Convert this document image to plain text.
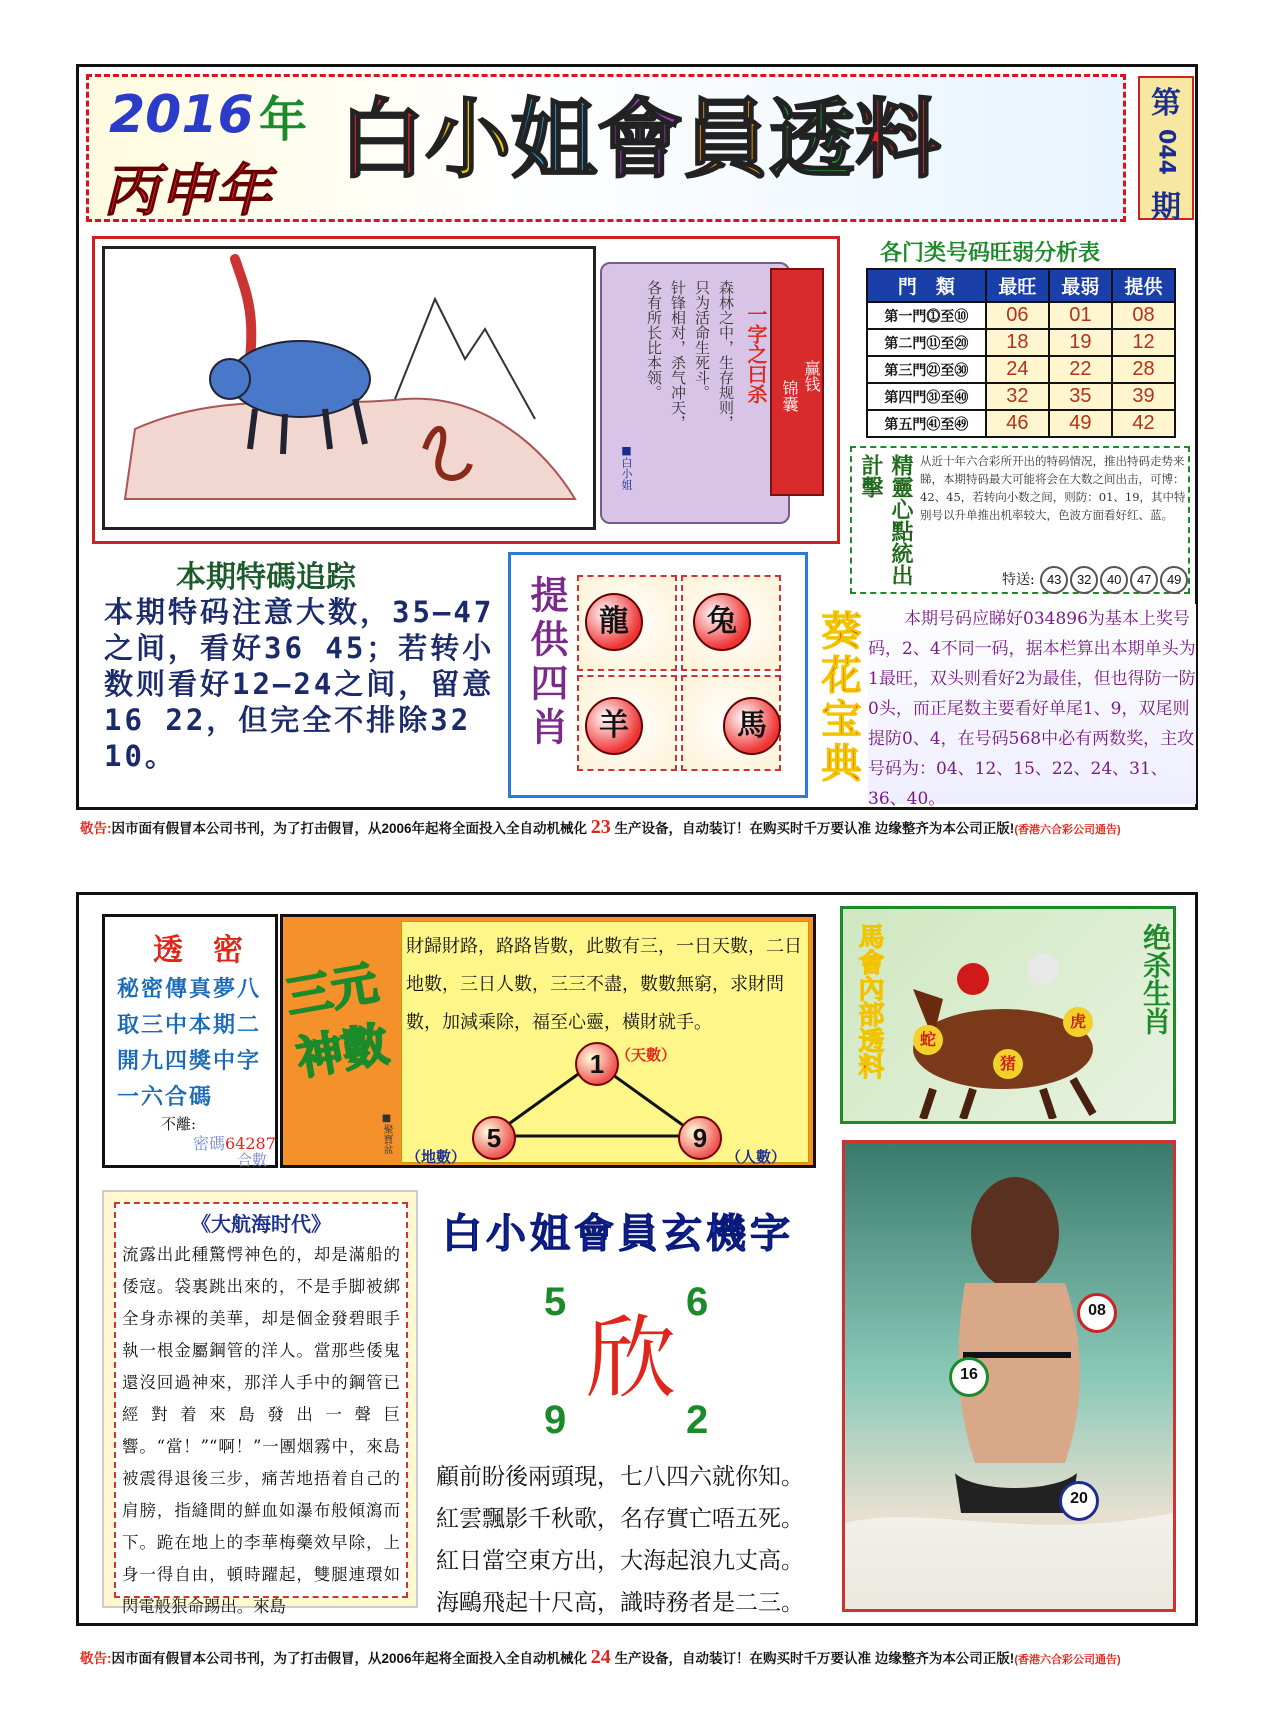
2016 年
丙申年
白小姐會員透料	第
044
期
一字之曰杀
森林之中，生存规则，
只为活命生死斗。
针锋相对，杀气冲天，
各有所长比本领。
■白小姐
锦囊
赢钱
各门类号码旺弱分析表
門　類	最旺	最弱	提供
第一門⓵至⑩	06	01	08
第二門⑪至⑳	18	19	12
第三門㉑至㉚	24	22	28
第四門㉛至㊵	32	35	39
第五門㊶至㊾	46	49	42
精靈心點統出計擊	从近十年六合彩所开出的特码情况，推出特码走势来睇，本期特码最大可能将会在大数之间出击，可博：42、45，若转向小数之间，则防：01、19，其中特别号以升单推出机率较大，色波方面看好红、蓝。
特送: 43 32 40 47 49
本期特碼追踪
本期特码注意大数，35—47之间，看好36 45；若转小数则看好12—24之间，留意16 22，但完全不排除32 10。
提供四肖	龍	兔
羊	馬	葵花宝典	本期号码应睇好034896为基本上奖号码，2、4不同一码，据本栏算出本期单头为1最旺，双头则看好2为最佳，但也得防一防0头，而正尾数主要看好单尾1、9，双尾则提防0、4，在号码568中必有两数奖，主攻号码为：04、12、15、22、24、31、36、40。
敬告:因市面有假冒本公司书刊，为了打击假冒，从2006年起将全面投入全自动机械化 23 生产设备，自动装订！在购买时千万要认准 边缘整齐为本公司正版!(香港六合彩公司通告)
透　密
秘密傳真夢八取三中本期二開九四獎中字一六合碼
不離:
密碼64287
合數
三元神數
■聚寶盆
財歸財路，路路皆數，此數有三，一日天數，二日地數，三日人數，三三不盡，數數無窮，求財問數，加減乘除，福至心靈，橫財就手。
1
5	9
（天數）
（地數）	（人數）
馬會內部透料	蛇
猪
虎 绝杀生肖
《大航海时代》
流露出此種驚愕神色的，却是滿船的倭寇。袋裏跳出來的，不是手脚被綁全身赤裸的美華，却是個金發碧眼手執一根金屬鋼管的洋人。當那些倭鬼還沒回過神來，那洋人手中的鋼管已經對着來島發出一聲巨響。“當！”“啊！”一團烟霧中，來島被震得退後三步，痛苦地捂着自己的肩膀，指縫間的鮮血如瀑布般傾瀉而下。跪在地上的李華梅藥效早除，上身一得自由，頓時躍起，雙腿連環如閃電般狠命踢出。來島
白小姐會員玄機字
5	6
欣
9	2
顧前盼後兩頭現，七八四六就你知。
紅雲飄影千秋歌，名存實亡唔五死。
紅日當空東方出，大海起浪九丈高。
海鷗飛起十尺高，識時務者是二三。
08
16
20
敬告:因市面有假冒本公司书刊，为了打击假冒，从2006年起将全面投入全自动机械化 24 生产设备，自动装订！在购买时千万要认准 边缘整齐为本公司正版!(香港六合彩公司通告)
